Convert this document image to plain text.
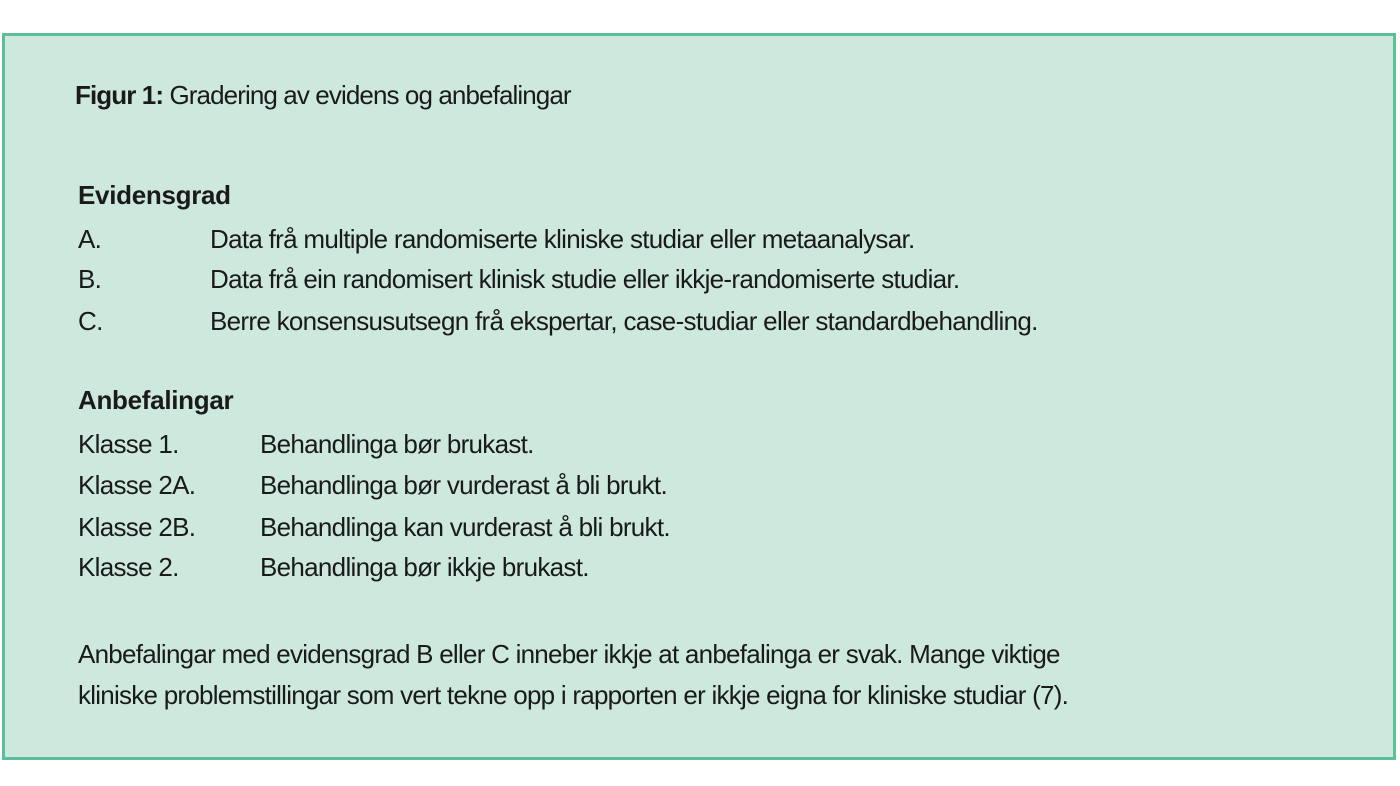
Figur 1: Gradering av evidens og anbefalingar
Evidensgrad
A.	Data frå multiple randomiserte kliniske studiar eller metaanalysar.
B.	Data frå ein randomisert klinisk studie eller ikkje-randomiserte studiar.
C.	Berre konsensusutsegn frå ekspertar, case-studiar eller standardbehandling.
Anbefalingar
Klasse 1.	Behandlinga bør brukast.
Klasse 2A. Behandlinga bør vurderast å bli brukt.
Klasse 2B. Behandlinga kan vurderast å bli brukt.
Klasse 2.	Behandlinga bør ikkje brukast.
Anbefalingar med evidensgrad B eller C inneber ikkje at anbefalinga er svak. Mange viktige
kliniske problemstillingar som vert tekne opp i rapporten er ikkje eigna for kliniske studiar (7).
